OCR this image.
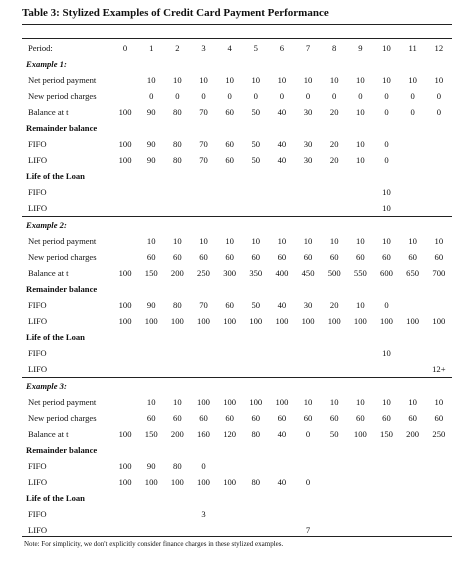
Table 3: Stylized Examples of Credit Card Payment Performance
Period:	0	1	2	3	4	5	6	7	8	9	10	11	12
Example 1:													
Net period payment		10	10	10	10	10	10	10	10	10	10	10	10
New period charges		0	0	0	0	0	0	0	0	0	0	0	0
Balance at t	100	90	80	70	60	50	40	30	20	10	0	0	0
Remainder balance													
FIFO	100	90	80	70	60	50	40	30	20	10	0		
LIFO	100	90	80	70	60	50	40	30	20	10	0		
Life of the Loan													
FIFO											10		
LIFO											10		
Example 2:													
Net period payment		10	10	10	10	10	10	10	10	10	10	10	10
New period charges		60	60	60	60	60	60	60	60	60	60	60	60
Balance at t	100	150	200	250	300	350	400	450	500	550	600	650	700
Remainder balance													
FIFO	100	90	80	70	60	50	40	30	20	10	0		
LIFO	100	100	100	100	100	100	100	100	100	100	100	100	100
Life of the Loan													
FIFO											10		
LIFO													12+
Example 3:													
Net period payment		10	10	100	100	100	100	10	10	10	10	10	10
New period charges		60	60	60	60	60	60	60	60	60	60	60	60
Balance at t	100	150	200	160	120	80	40	0	50	100	150	200	250
Remainder balance													
FIFO	100	90	80	0									
LIFO	100	100	100	100	100	80	40	0					
Life of the Loan													
FIFO				3									
LIFO								7					
Note: For simplicity, we don't explicitly consider finance charges in these stylized examples.
